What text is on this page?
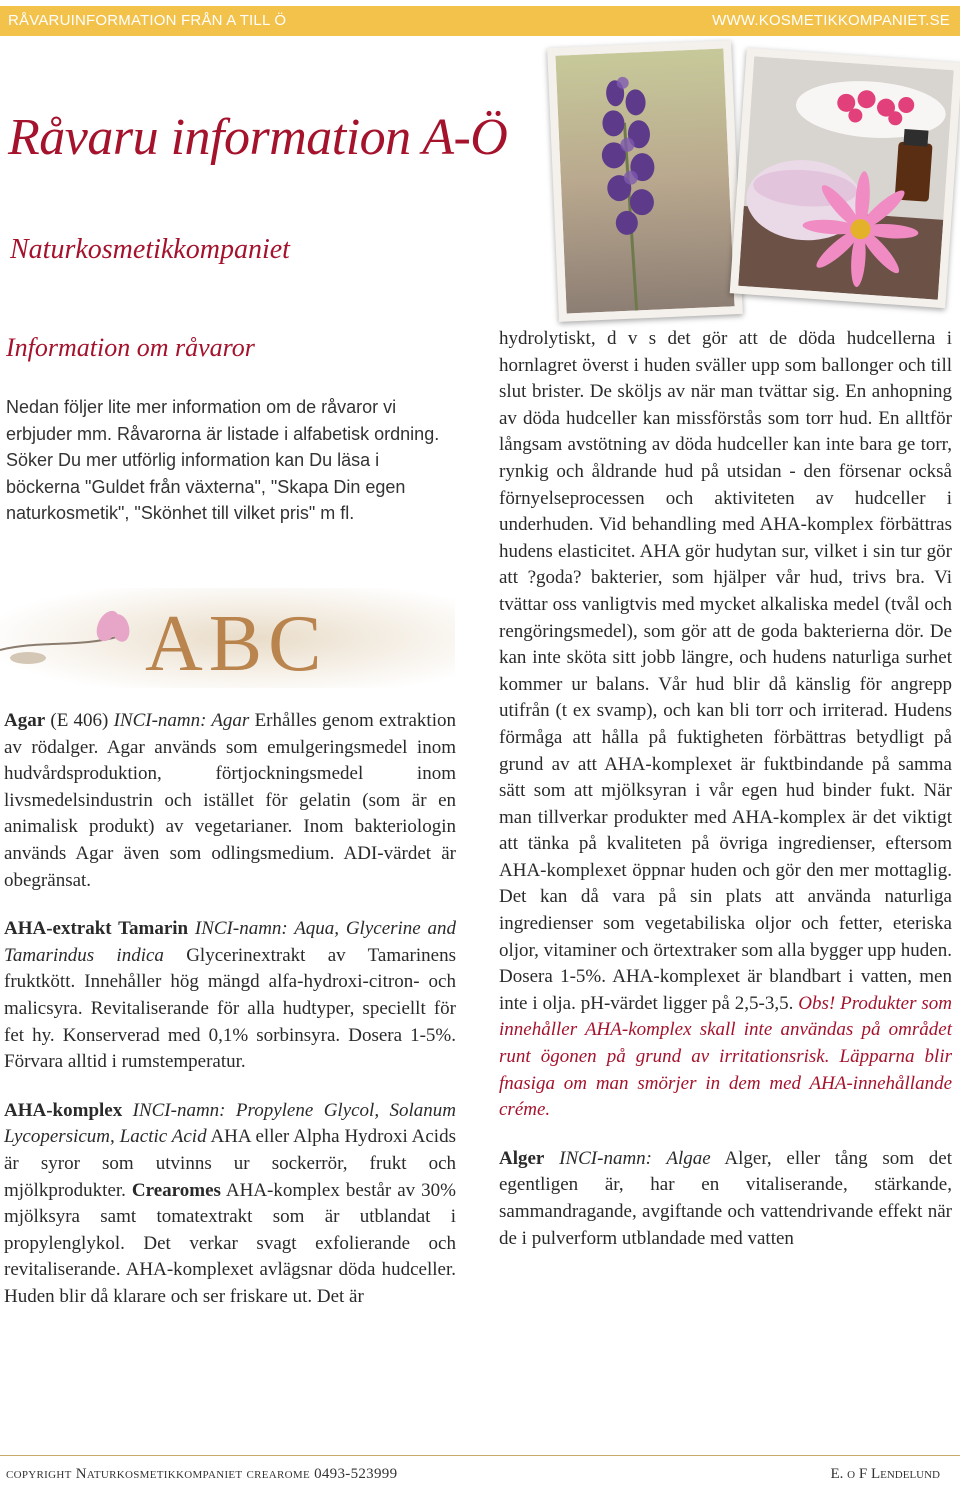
RÅVARUINFORMATION FRÅN A TILL Ö	WWW.KOSMETIKKOMPANIET.SE
Råvaru information A-Ö
Naturkosmetikkompaniet
Information om råvaror
Nedan följer lite mer information om de råvaror vi erbjuder mm. Råvarorna är listade i alfabetisk ordning. Söker Du mer utförlig information kan Du läsa i böckerna "Guldet från växterna", "Skapa Din egen naturkosmetik", "Skönhet till vilket pris" m fl.
ABC

Agar (E 406) INCI-namn: Agar Erhålles genom extraktion av rödalger. Agar används som emulgeringsmedel inom hudvårdsproduktion, förtjockningsmedel inom livsmedelsindustrin och istället för gelatin (som är en animalisk produkt) av vegetarianer. Inom bakteriologin används Agar även som odlingsmedium. ADI-värdet är obegränsat.

AHA-extrakt Tamarin INCI-namn: Aqua, Glycerine and Tamarindus indica Glycerinextrakt av Tamarinens fruktkött. Innehåller hög mängd alfa-hydroxi-citron- och malicsyra. Revitaliserande för alla hudtyper, speciellt för fet hy. Konserverad med 0,1% sorbinsyra. Dosera 1-5%. Förvara alltid i rumstemperatur.

AHA-komplex INCI-namn: Propylene Glycol, Solanum Lycopersicum, Lactic Acid AHA eller Alpha Hydroxi Acids är syror som utvinns ur sockerrör, frukt och mjölkprodukter. Crearomes AHA-komplex består av 30% mjölksyra samt tomatextrakt som är utblandat i propylenglykol. Det verkar svagt exfolierande och revitaliserande. AHA-komplexet avlägsnar döda hudceller. Huden blir då klarare och ser friskare ut. Det är

hydrolytiskt, d v s det gör att de döda hudcellerna i hornlagret överst i huden sväller upp som ballonger och till slut brister. De sköljs av när man tvättar sig. En anhopning av döda hudceller kan missförstås som torr hud. En alltför långsam avstötning av döda hudceller kan inte bara ge torr, rynkig och åldrande hud på utsidan - den försenar också förnyelseprocessen och aktiviteten av hudceller i underhuden. Vid behandling med AHA-komplex förbättras hudens elasticitet. AHA gör hudytan sur, vilket i sin tur gör att ?goda? bakterier, som hjälper vår hud, trivs bra. Vi tvättar oss vanligtvis med mycket alkaliska medel (tvål och rengöringsmedel), som gör att de goda bakterierna dör. De kan inte sköta sitt jobb längre, och hudens naturliga surhet kommer ur balans. Vår hud blir då känslig för angrepp utifrån (t ex svamp), och kan bli torr och irriterad. Hudens förmåga att hålla på fuktigheten förbättras betydligt på grund av att AHA-komplexet är fuktbindande på samma sätt som att mjölksyran i vår egen hud binder fukt. När man tillverkar produkter med AHA-komplex är det viktigt att tänka på kvaliteten på övriga ingredienser, eftersom AHA-komplexet öppnar huden och gör den mer mottaglig. Det kan då vara på sin plats att använda naturliga ingredienser som vegetabiliska oljor och fetter, eteriska oljor, vitaminer och örtextraker som alla bygger upp huden. Dosera 1-5%. AHA-komplexet är blandbart i vatten, men inte i olja. pH-värdet ligger på 2,5-3,5. Obs! Produkter som innehåller AHA-komplex skall inte användas på området runt ögonen på grund av irritationsrisk. Läpparna blir fnasiga om man smörjer in dem med AHA-innehållande créme.

Alger INCI-namn: Algae Alger, eller tång som det egentligen är, har en vitaliserande, stärkande, sammandragande, avgiftande och vattendrivande effekt när de i pulverform utblandade med vatten

copyright Naturkosmetikkompaniet crearome 0493-523999	E. o F Lendelund
